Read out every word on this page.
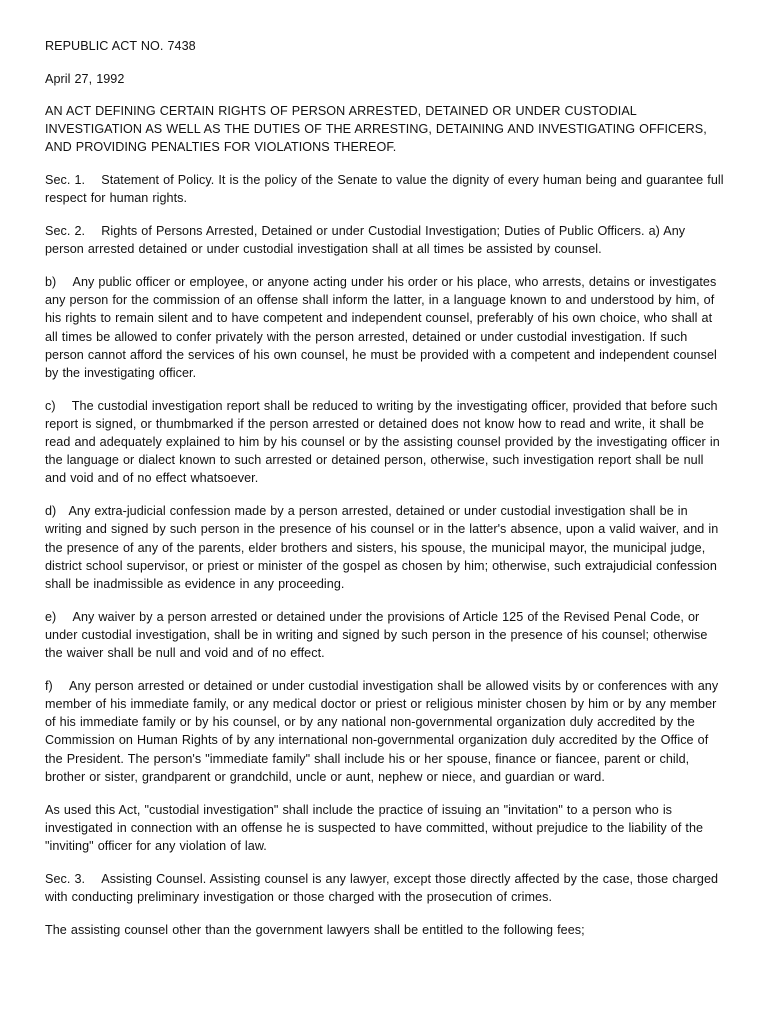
REPUBLIC ACT NO. 7438

April 27, 1992

AN ACT DEFINING CERTAIN RIGHTS OF PERSON ARRESTED, DETAINED OR UNDER CUSTODIAL INVESTIGATION AS WELL AS THE DUTIES OF THE ARRESTING, DETAINING AND INVESTIGATING OFFICERS, AND PROVIDING PENALTIES FOR VIOLATIONS THEREOF.

Sec. 1.    Statement of Policy. It is the policy of the Senate to value the dignity of every human being and guarantee full respect for human rights.

Sec. 2.    Rights of Persons Arrested, Detained or under Custodial Investigation; Duties of Public Officers. a) Any person arrested detained or under custodial investigation shall at all times be assisted by counsel.

b)    Any public officer or employee, or anyone acting under his order or his place, who arrests, detains or investigates any person for the commission of an offense shall inform the latter, in a language known to and understood by him, of his rights to remain silent and to have competent and independent counsel, preferably of his own choice, who shall at all times be allowed to confer privately with the person arrested, detained or under custodial investigation. If such person cannot afford the services of his own counsel, he must be provided with a competent and independent counsel by the investigating officer.

c)    The custodial investigation report shall be reduced to writing by the investigating officer, provided that before such report is signed, or thumbmarked if the person arrested or detained does not know how to read and write, it shall be read and adequately explained to him by his counsel or by the assisting counsel provided by the investigating officer in the language or dialect known to such arrested or detained person, otherwise, such investigation report shall be null and void and of no effect whatsoever.

d)   Any extra-judicial confession made by a person arrested, detained or under custodial investigation shall be in writing and signed by such person in the presence of his counsel or in the latter's absence, upon a valid waiver, and in the presence of any of the parents, elder brothers and sisters, his spouse, the municipal mayor, the municipal judge, district school supervisor, or priest or minister of the gospel as chosen by him; otherwise, such extrajudicial confession shall be inadmissible as evidence in any proceeding.

e)    Any waiver by a person arrested or detained under the provisions of Article 125 of the Revised Penal Code, or under custodial investigation, shall be in writing and signed by such person in the presence of his counsel; otherwise the waiver shall be null and void and of no effect.

f)    Any person arrested or detained or under custodial investigation shall be allowed visits by or conferences with any member of his immediate family, or any medical doctor or priest or religious minister chosen by him or by any member of his immediate family or by his counsel, or by any national non-governmental organization duly accredited by the Commission on Human Rights of by any international non-governmental organization duly accredited by the Office of the President. The person's "immediate family" shall include his or her spouse, finance or fiancee, parent or child, brother or sister, grandparent or grandchild, uncle or aunt, nephew or niece, and guardian or ward.

As used this Act, "custodial investigation" shall include the practice of issuing an "invitation" to a person who is investigated in connection with an offense he is suspected to have committed, without prejudice to the liability of the "inviting" officer for any violation of law.

Sec. 3.    Assisting Counsel. Assisting counsel is any lawyer, except those directly affected by the case, those charged with conducting preliminary investigation or those charged with the prosecution of crimes.

The assisting counsel other than the government lawyers shall be entitled to the following fees;
